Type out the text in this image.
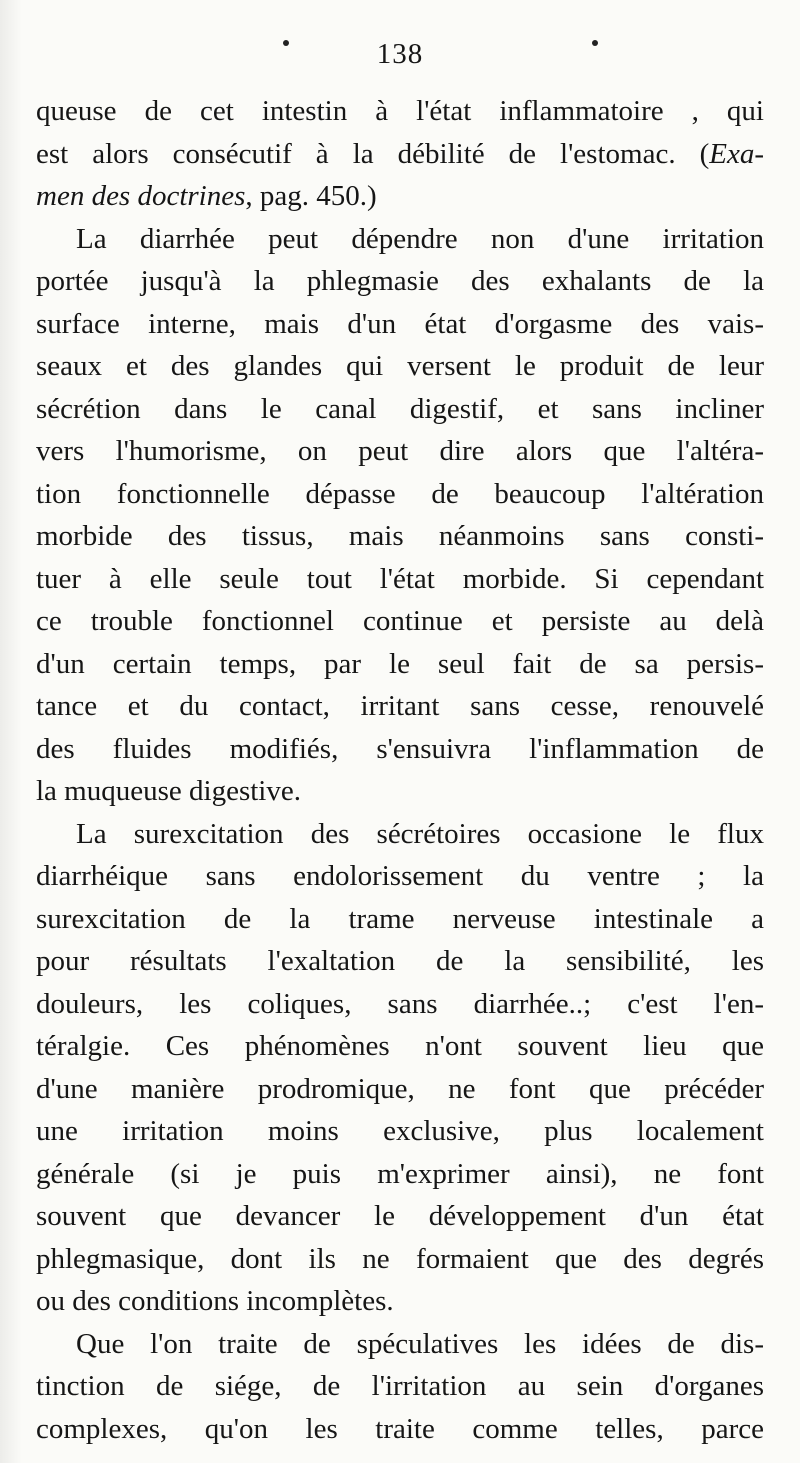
138
queuse de cet intestin à l'état inflammatoire , qui
est alors consécutif à la débilité de l'estomac. (Exa-
men des doctrines, pag. 450.)
La diarrhée peut dépendre non d'une irritation
portée jusqu'à la phlegmasie des exhalants de la
surface interne, mais d'un état d'orgasme des vais-
seaux et des glandes qui versent le produit de leur
sécrétion dans le canal digestif, et sans incliner
vers l'humorisme, on peut dire alors que l'altéra-
tion fonctionnelle dépasse de beaucoup l'altération
morbide des tissus, mais néanmoins sans consti-
tuer à elle seule tout l'état morbide. Si cependant
ce trouble fonctionnel continue et persiste au delà
d'un certain temps, par le seul fait de sa persis-
tance et du contact, irritant sans cesse, renouvelé
des fluides modifiés, s'ensuivra l'inflammation de
la muqueuse digestive.
La surexcitation des sécrétoires occasione le flux
diarrhéique sans endolorissement du ventre ; la
surexcitation de la trame nerveuse intestinale a
pour résultats l'exaltation de la sensibilité, les
douleurs, les coliques, sans diarrhée..; c'est l'en-
téralgie. Ces phénomènes n'ont souvent lieu que
d'une manière prodromique, ne font que précéder
une irritation moins exclusive, plus localement
générale (si je puis m'exprimer ainsi), ne font
souvent que devancer le développement d'un état
phlegmasique, dont ils ne formaient que des degrés
ou des conditions incomplètes.
Que l'on traite de spéculatives les idées de dis-
tinction de siége, de l'irritation au sein d'organes
complexes, qu'on les traite comme telles, parce
